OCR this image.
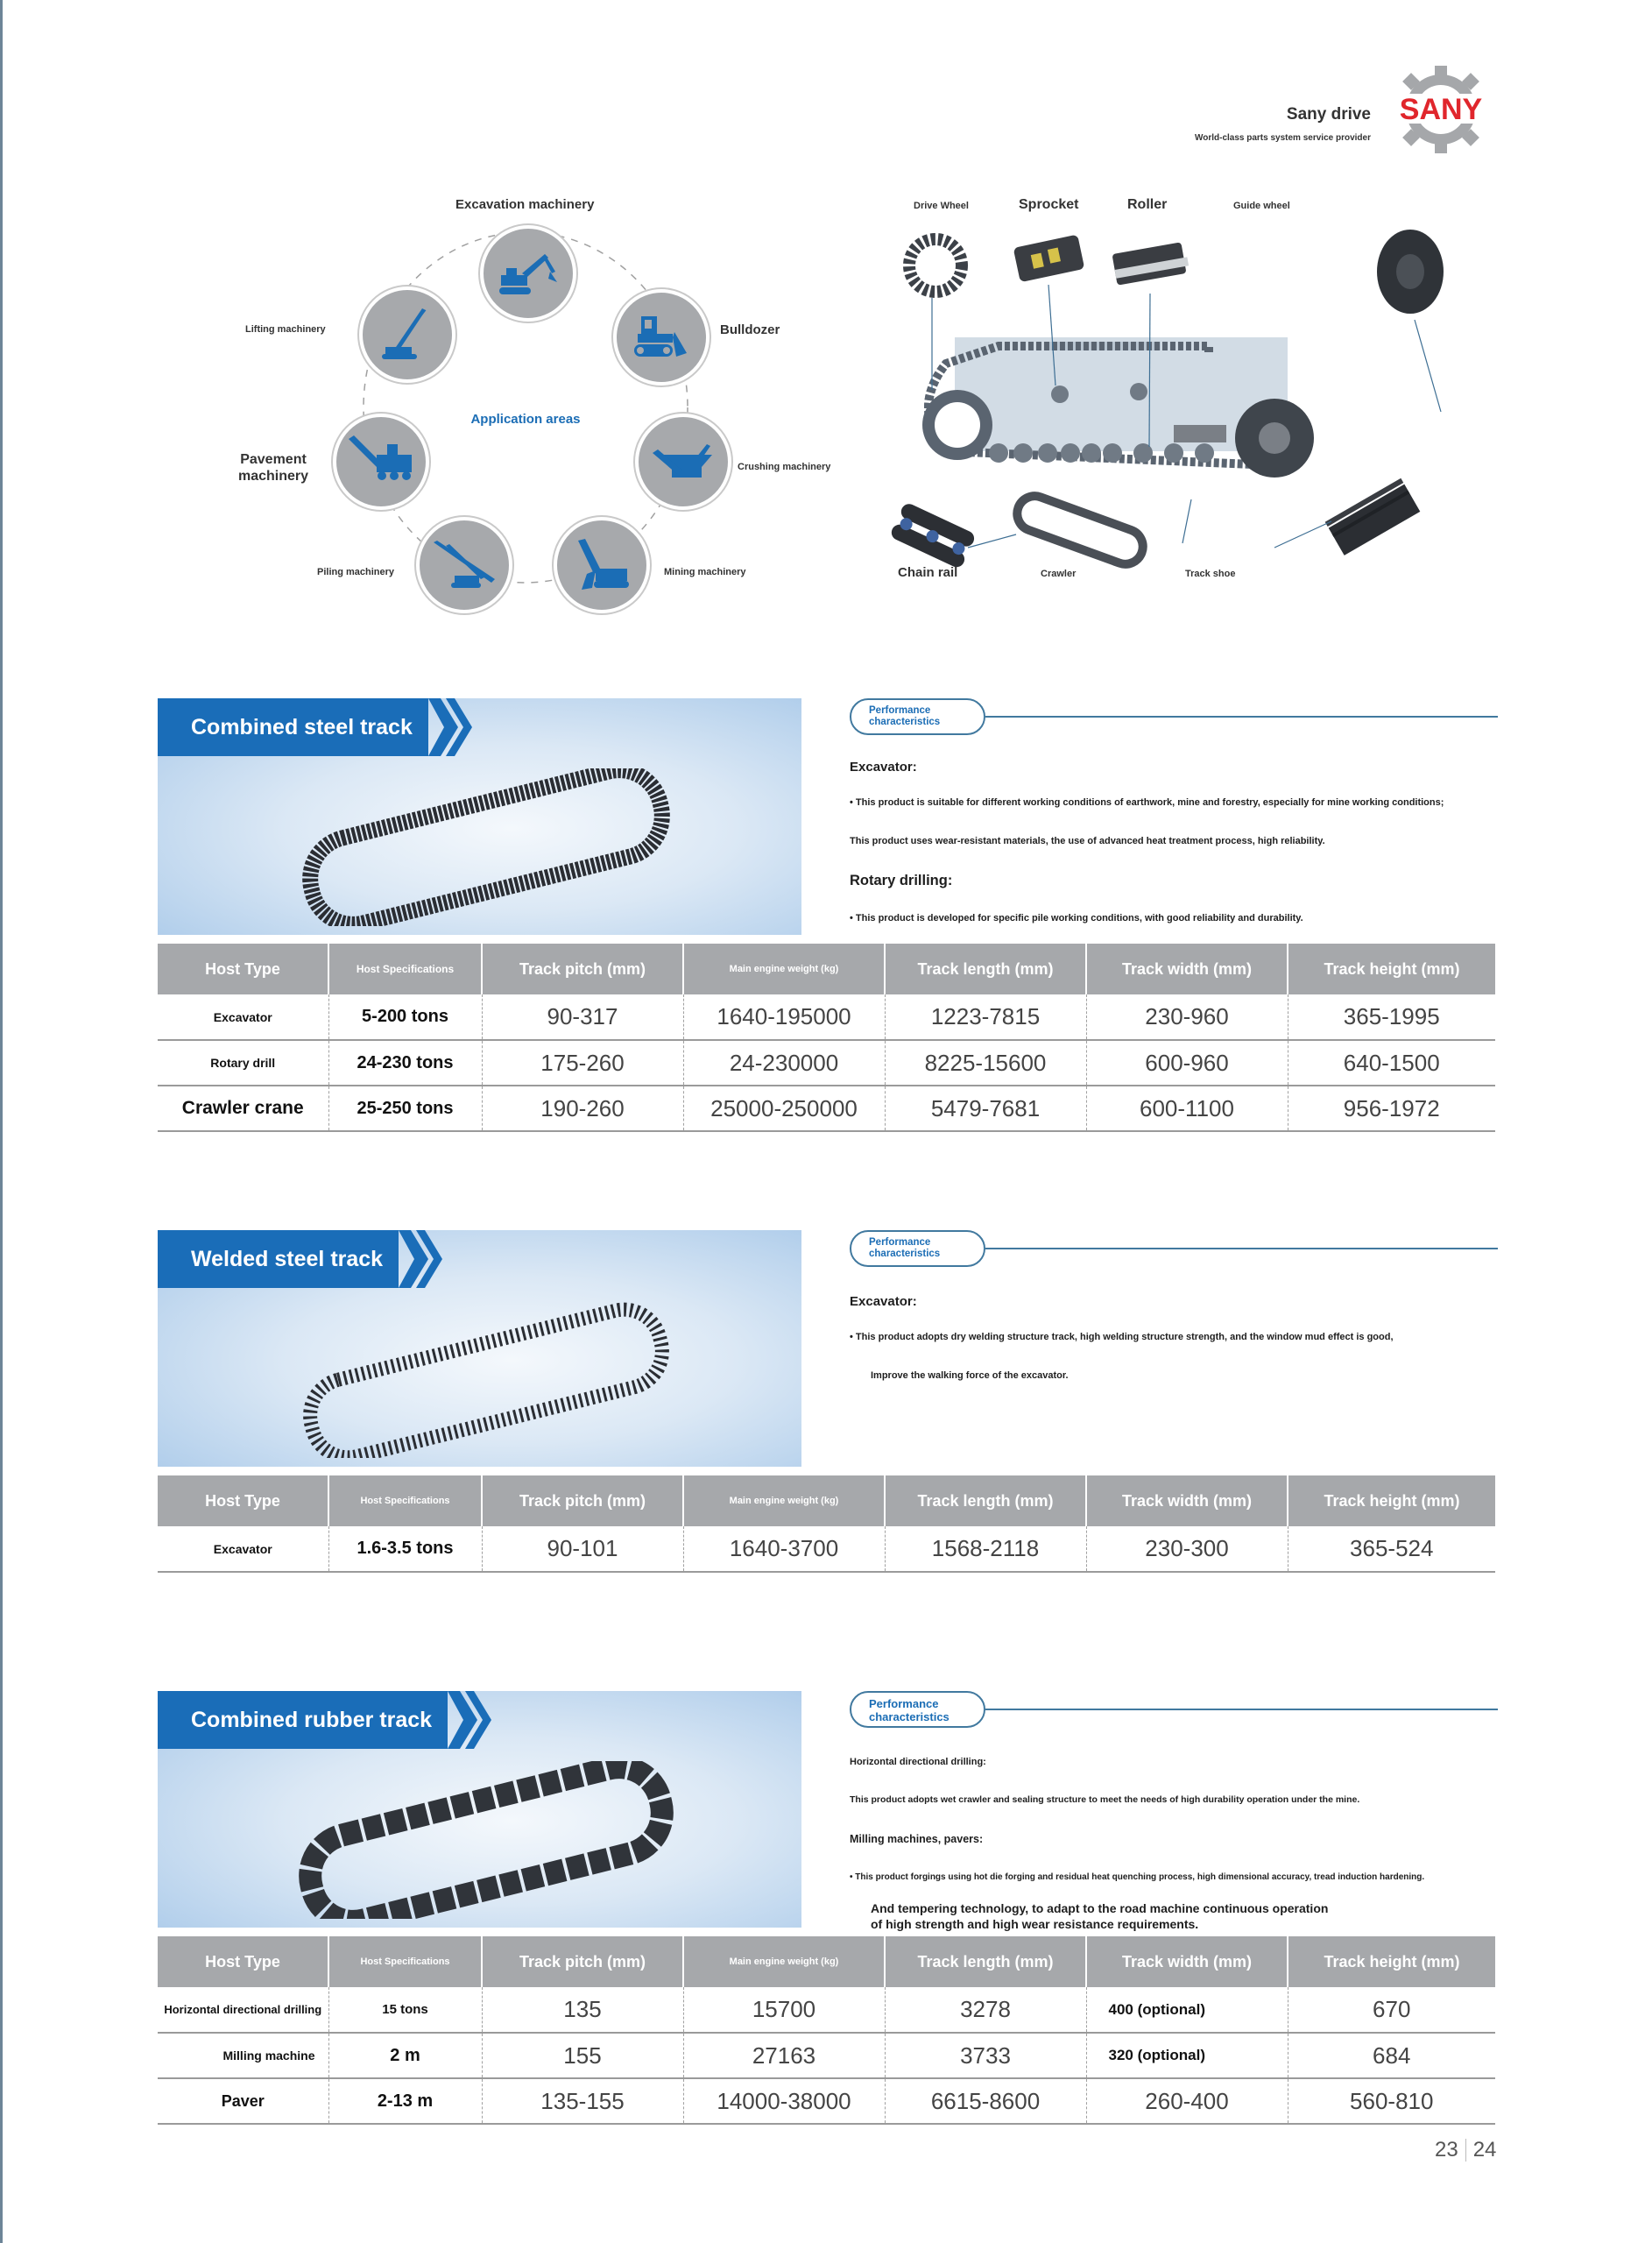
Sany drive
World-class parts system service provider
SANY
Application areas
Excavation machinery
Bulldozer
Crushing machinery
Mining machinery
Piling machinery
Pavement machinery
Lifting machinery
Drive Wheel	Sprocket	Roller	Guide wheel
Chain rail	Crawler	Track shoe
Combined steel track
Performance characteristics
Excavator:
• This product is suitable for different working conditions of earthwork, mine and forestry, especially for mine working conditions;
This product uses wear-resistant materials, the use of advanced heat treatment process, high reliability.
Rotary drilling:
• This product is developed for specific pile working conditions, with good reliability and durability.
Host Type	Host Specifications	Track pitch (mm)	Main engine weight (kg)	Track length (mm)	Track width (mm)	Track height (mm)
Excavator	5-200 tons	90-317	1640-195000	1223-7815	230-960	365-1995
Rotary drill	24-230 tons	175-260	24-230000	8225-15600	600-960	640-1500
Crawler crane	25-250 tons	190-260	25000-250000	5479-7681	600-1100	956-1972
Welded steel track
Performance characteristics
Excavator:
• This product adopts dry welding structure track, high welding structure strength, and the window mud effect is good,
Improve the walking force of the excavator.
Host Type	Host Specifications	Track pitch (mm)	Main engine weight (kg)	Track length (mm)	Track width (mm)	Track height (mm)
Excavator	1.6-3.5 tons	90-101	1640-3700	1568-2118	230-300	365-524
Combined rubber track
Performance characteristics
Horizontal directional drilling:
This product adopts wet crawler and sealing structure to meet the needs of high durability operation under the mine.
Milling machines, pavers:
• This product forgings using hot die forging and residual heat quenching process, high dimensional accuracy, tread induction hardening.
And tempering technology, to adapt to the road machine continuous operation
of high strength and high wear resistance requirements.
Host Type	Host Specifications	Track pitch (mm)	Main engine weight (kg)	Track length (mm)	Track width (mm)	Track height (mm)
Horizontal directional drilling	15 tons	135	15700	3278	400 (optional)	670
Milling machine	2 m	155	27163	3733	320 (optional)	684
Paver	2-13 m	135-155	14000-38000	6615-8600	260-400	560-810
23 24
